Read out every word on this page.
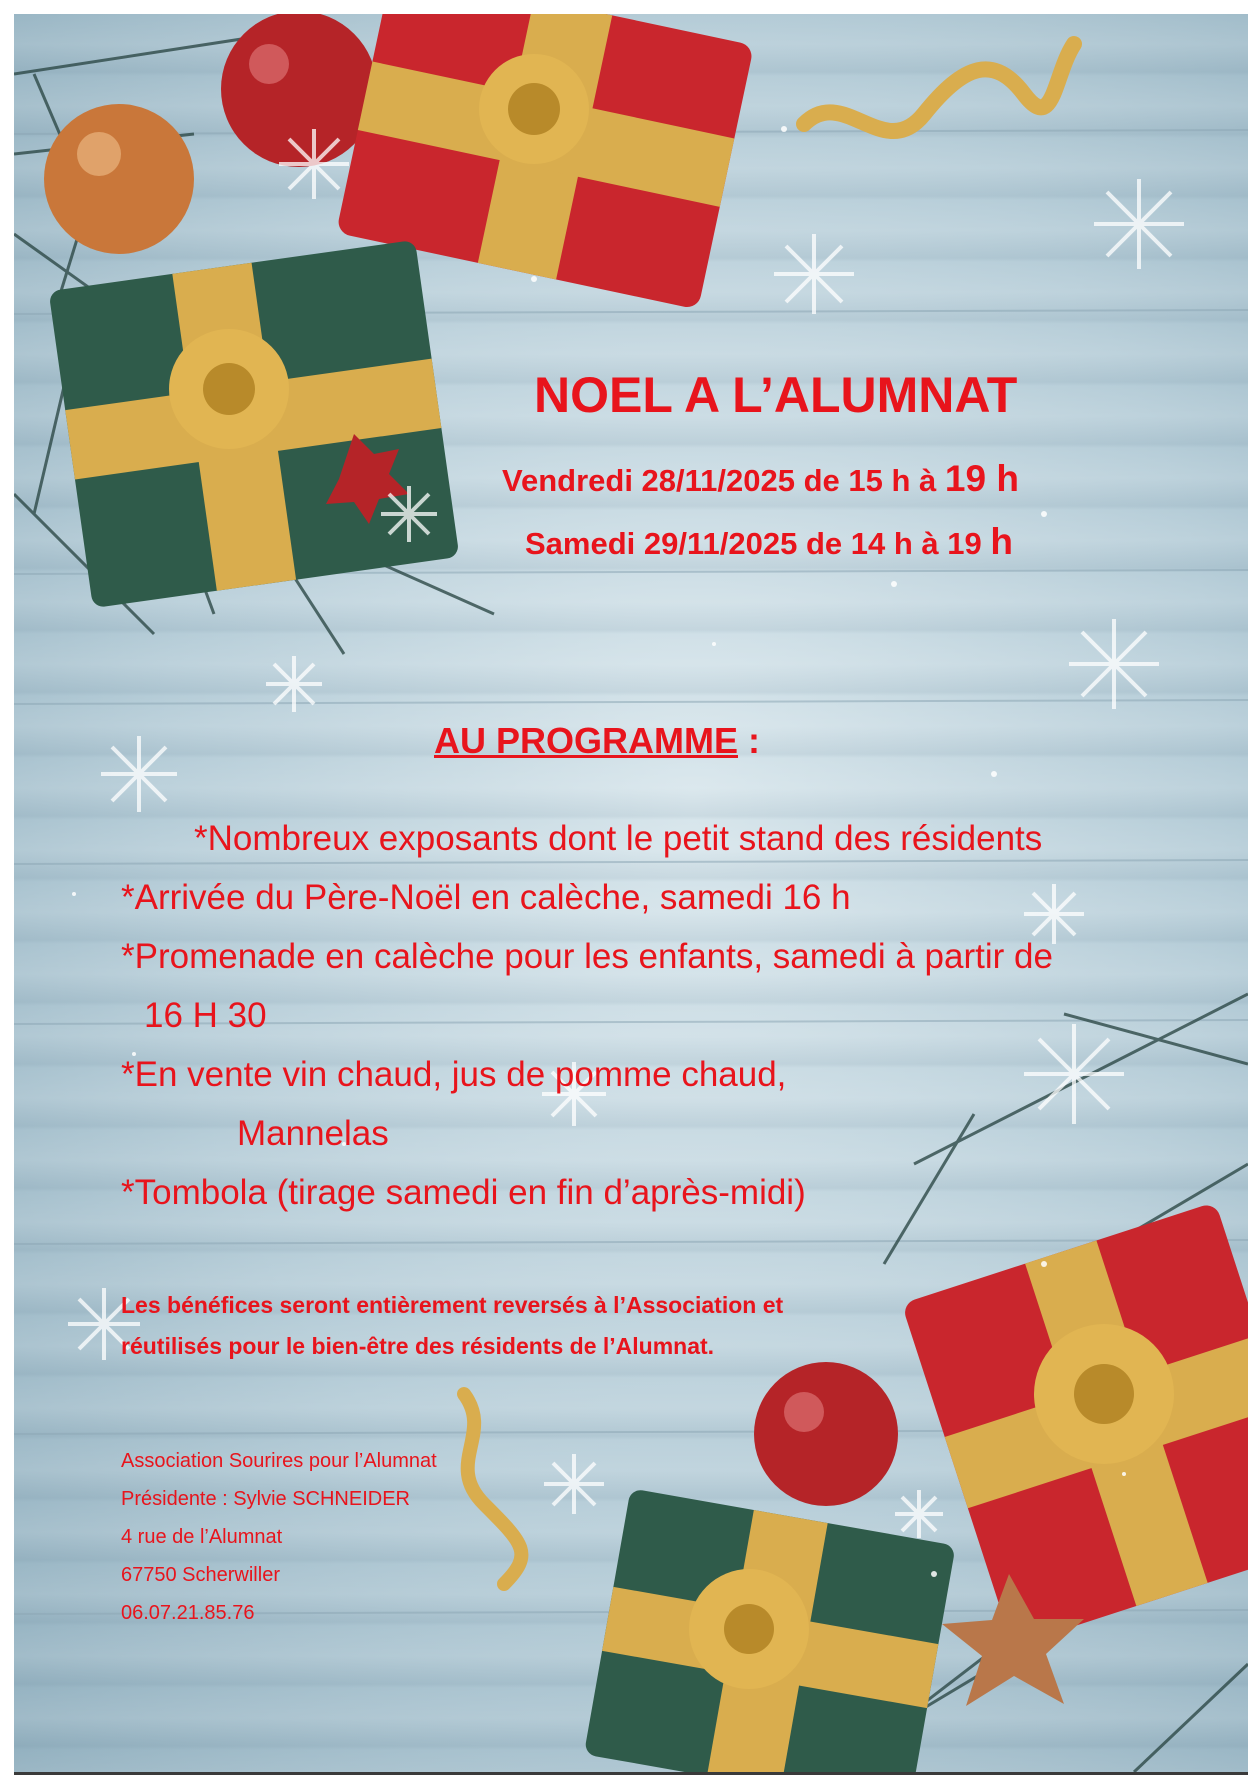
NOEL A L’ALUMNAT
Vendredi 28/11/2025 de 15 h à 19 h
Samedi 29/11/2025 de 14 h à 19 h
AU PROGRAMME :
*Nombreux exposants dont le petit stand des résidents
*Arrivée du Père-Noël en calèche, samedi 16 h
*Promenade en calèche pour les enfants, samedi à partir de
16 H 30
*En vente vin chaud, jus de pomme chaud,
Mannelas
*Tombola (tirage samedi en fin d’après-midi)
Les bénéfices seront entièrement reversés à l’Association et
réutilisés pour le bien-être des résidents de l’Alumnat.
Association Sourires pour l’Alumnat
Présidente : Sylvie SCHNEIDER
4 rue de l’Alumnat
67750 Scherwiller
06.07.21.85.76
